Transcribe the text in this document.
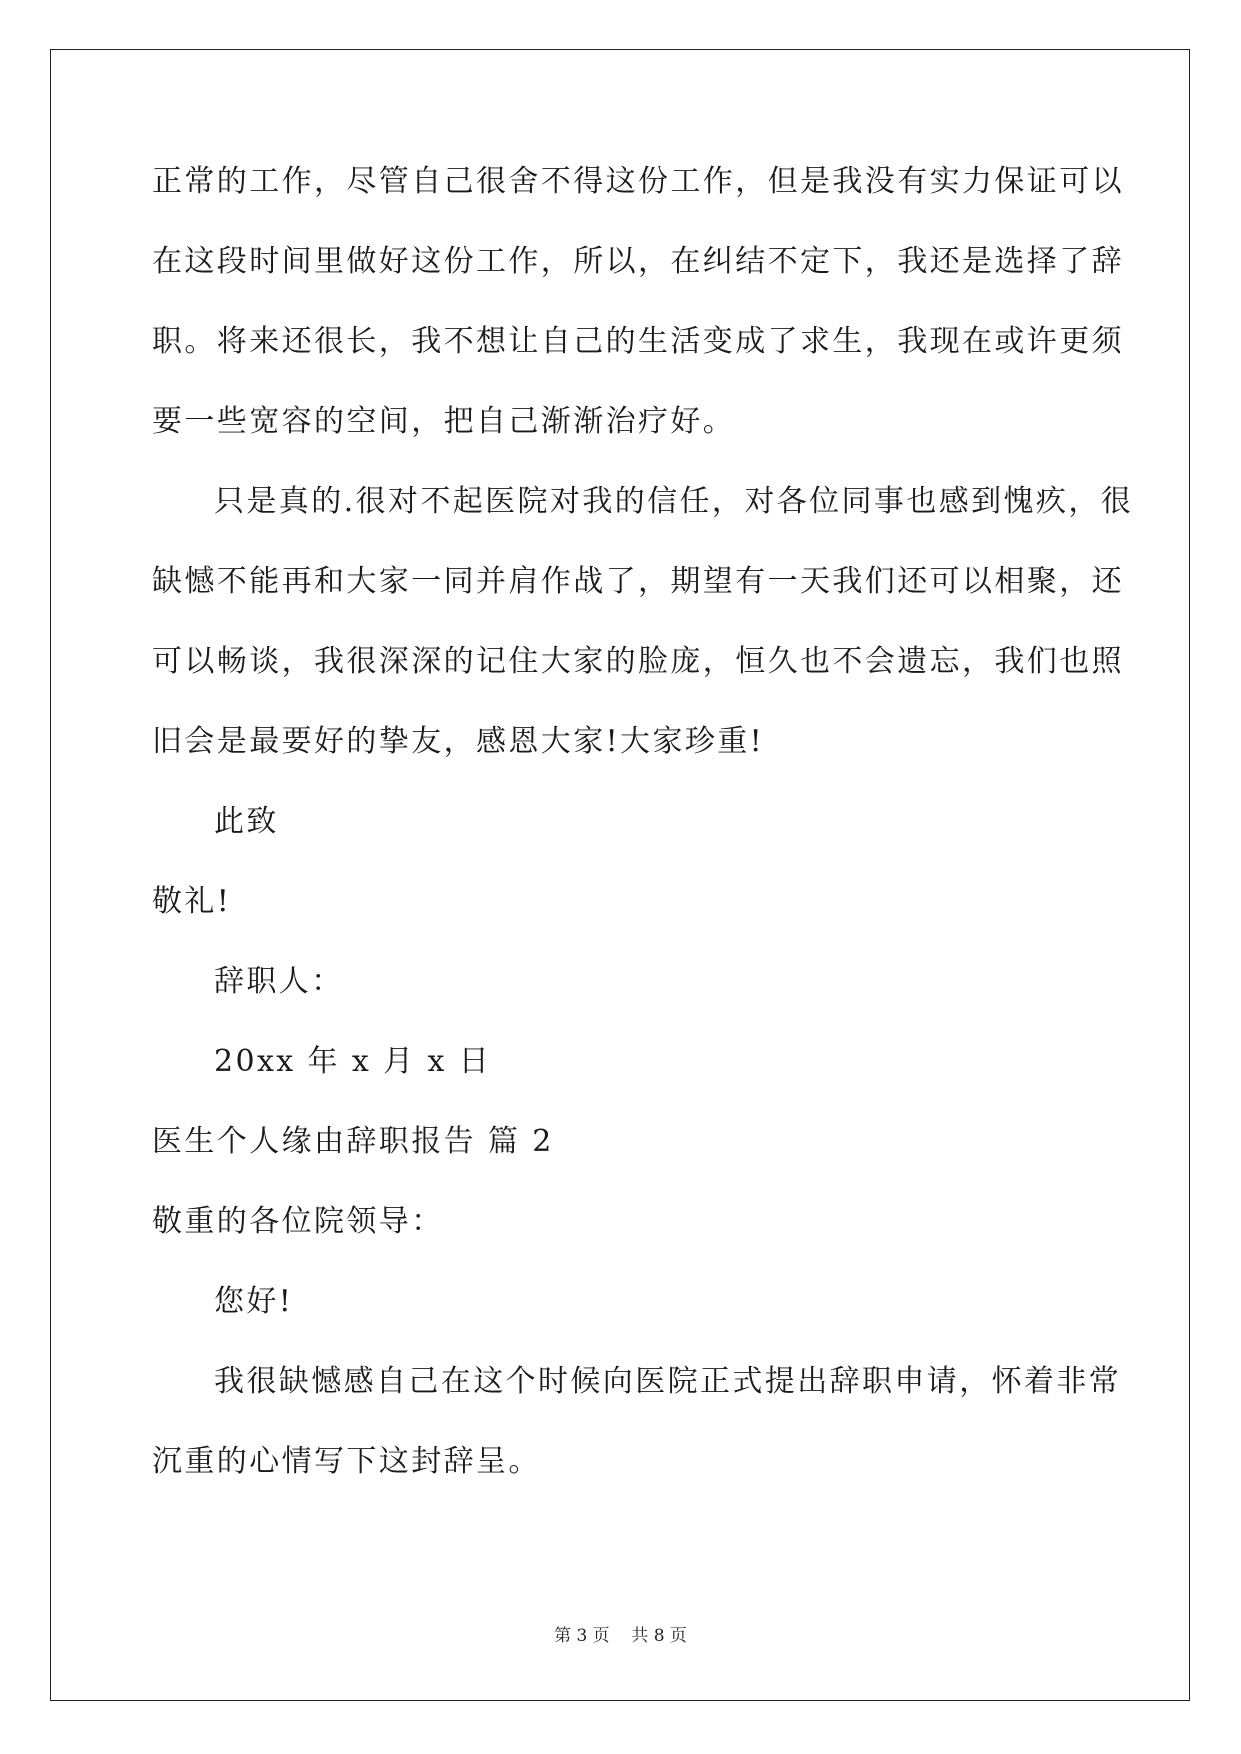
正常的工作，尽管自己很舍不得这份工作，但是我没有实力保证可以
在这段时间里做好这份工作，所以，在纠结不定下，我还是选择了辞
职。将来还很长，我不想让自己的生活变成了求生，我现在或许更须
要一些宽容的空间，把自己渐渐治疗好。
只是真的.很对不起医院对我的信任，对各位同事也感到愧疚，很
缺憾不能再和大家一同并肩作战了，期望有一天我们还可以相聚，还
可以畅谈，我很深深的记住大家的脸庞，恒久也不会遗忘，我们也照
旧会是最要好的挚友，感恩大家!大家珍重!
此致
敬礼!
辞职人：
20xx 年 x 月 x 日
医生个人缘由辞职报告 篇 2
敬重的各位院领导：
您好!
我很缺憾感自己在这个时候向医院正式提出辞职申请，怀着非常
沉重的心情写下这封辞呈。
第 3 页    共 8 页
